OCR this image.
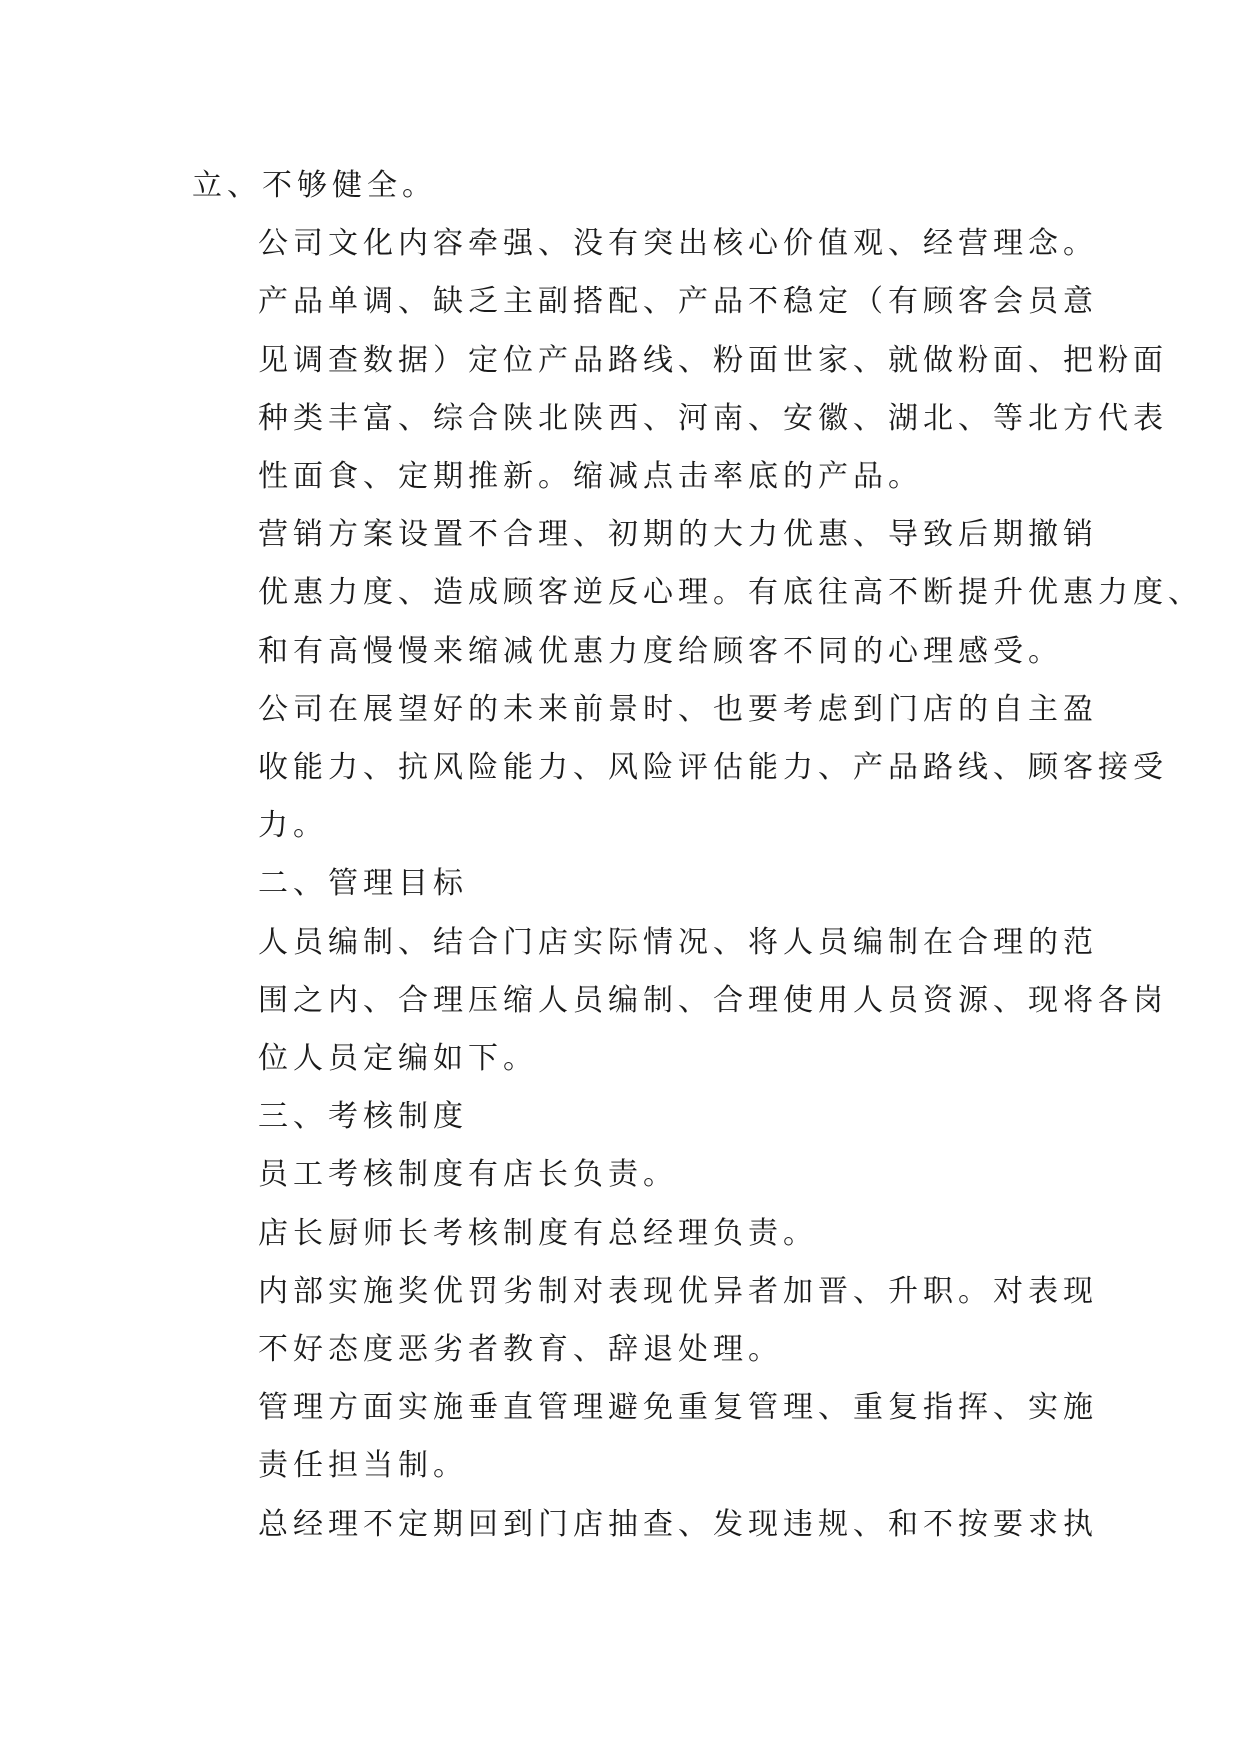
立、不够健全。
公司文化内容牵强、没有突出核心价值观、经营理念。
产品单调、缺乏主副搭配、产品不稳定（有顾客会员意
见调查数据）定位产品路线、粉面世家、就做粉面、把粉面
种类丰富、综合陕北陕西、河南、安徽、湖北、等北方代表
性面食、定期推新。缩减点击率底的产品。
营销方案设置不合理、初期的大力优惠、导致后期撤销
优惠力度、造成顾客逆反心理。有底往高不断提升优惠力度、
和有高慢慢来缩减优惠力度给顾客不同的心理感受。
公司在展望好的未来前景时、也要考虑到门店的自主盈
收能力、抗风险能力、风险评估能力、产品路线、顾客接受
力。
二、管理目标
人员编制、结合门店实际情况、将人员编制在合理的范
围之内、合理压缩人员编制、合理使用人员资源、现将各岗
位人员定编如下。
三、考核制度
员工考核制度有店长负责。
店长厨师长考核制度有总经理负责。
内部实施奖优罚劣制对表现优异者加晋、升职。对表现
不好态度恶劣者教育、辞退处理。
管理方面实施垂直管理避免重复管理、重复指挥、实施
责任担当制。
总经理不定期回到门店抽查、发现违规、和不按要求执
